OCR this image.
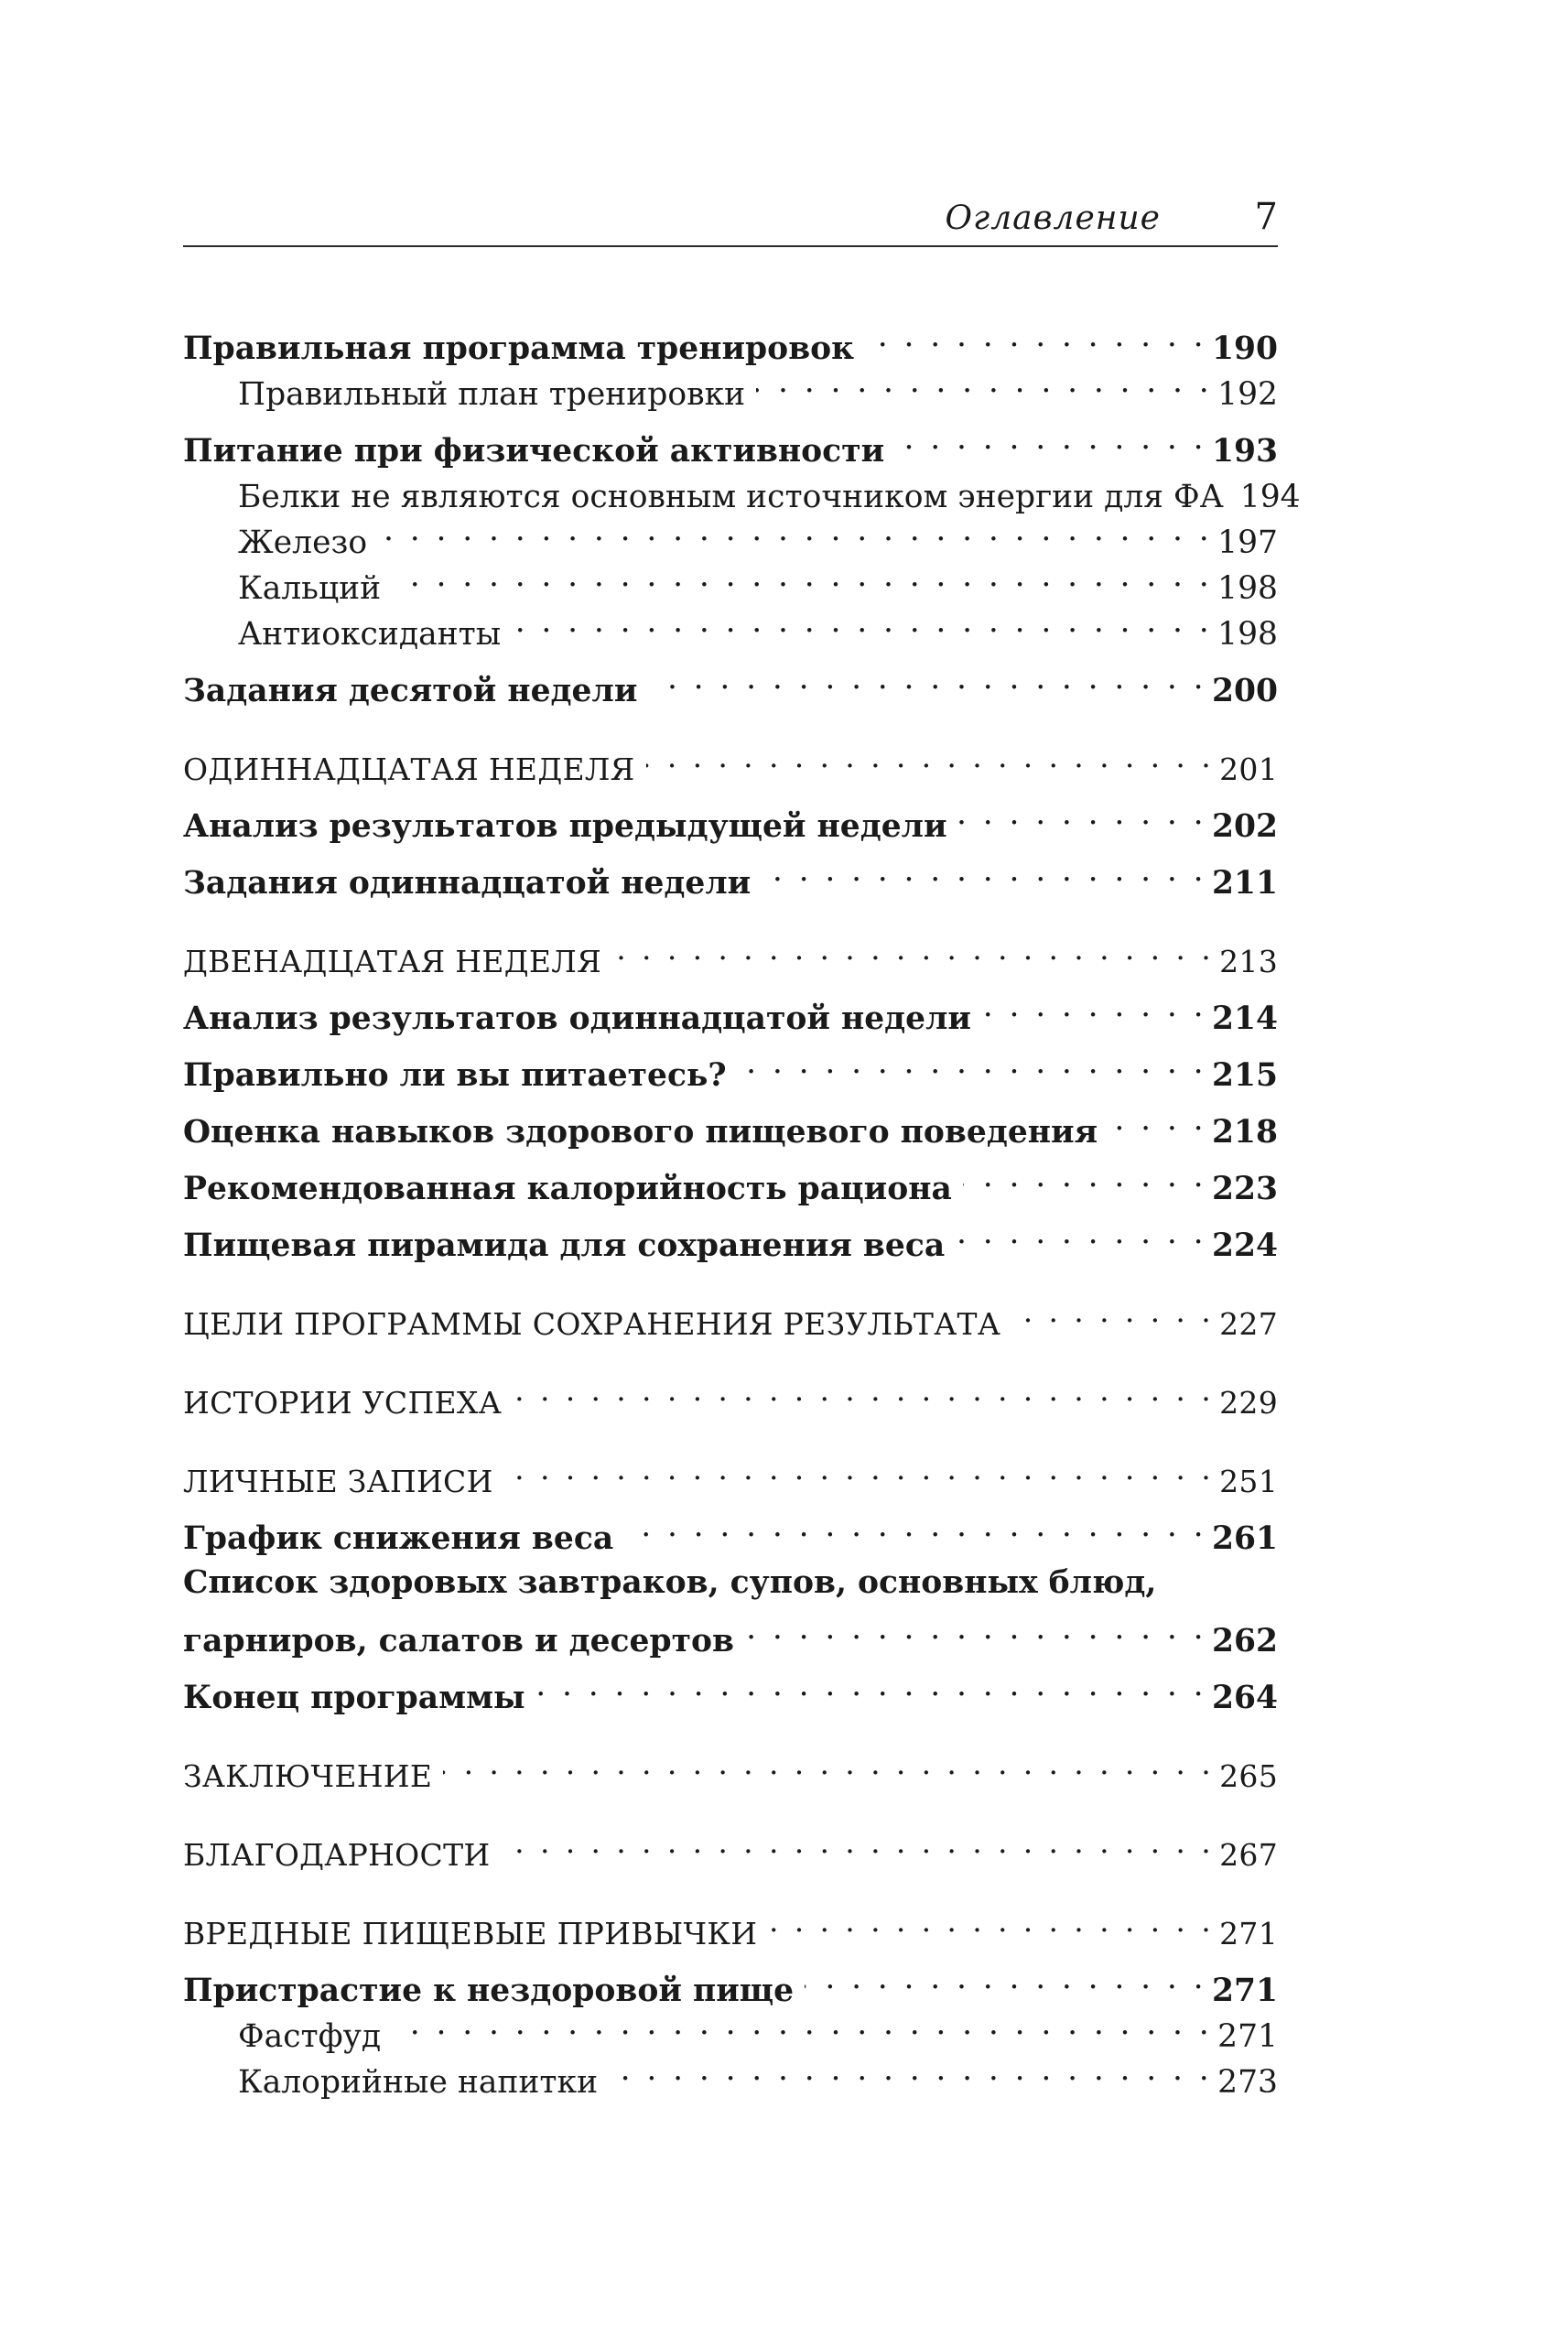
Оглавление	7
Правильная программа тренировок . . .	190
Правильный план тренировки . . .	192
Питание при физической активности . . .	193
Белки не являются основным источником энергии для ФА 194
Железо . . .	197
Кальций . . .	198
Антиоксиданты . . .	198
Задания десятой недели . . .	200
ОДИННАДЦАТАЯ НЕДЕЛЯ . . .	201
Анализ результатов предыдущей недели . . .	202
Задания одиннадцатой недели . . .	211
ДВЕНАДЦАТАЯ НЕДЕЛЯ . . .	213
Анализ результатов одиннадцатой недели . . .	214
Правильно ли вы питаетесь? . . .	215
Оценка навыков здорового пищевого поведения . . .	218
Рекомендованная калорийность рациона . . .	223
Пищевая пирамида для сохранения веса . . .	224
ЦЕЛИ ПРОГРАММЫ СОХРАНЕНИЯ РЕЗУЛЬТАТА . . .	227
ИСТОРИИ УСПЕХА . . .	229
ЛИЧНЫЕ ЗАПИСИ . . .	251
График снижения веса . . .	261
Список здоровых завтраков, супов, основных блюд,
гарниров, салатов и десертов . . .	262
Конец программы . . .	264
ЗАКЛЮЧЕНИЕ . . .	265
БЛАГОДАРНОСТИ . . .	267
ВРЕДНЫЕ ПИЩЕВЫЕ ПРИВЫЧКИ . . .	271
Пристрастие к нездоровой пище . . .	271
Фастфуд . . .	271
Калорийные напитки . . .	273
